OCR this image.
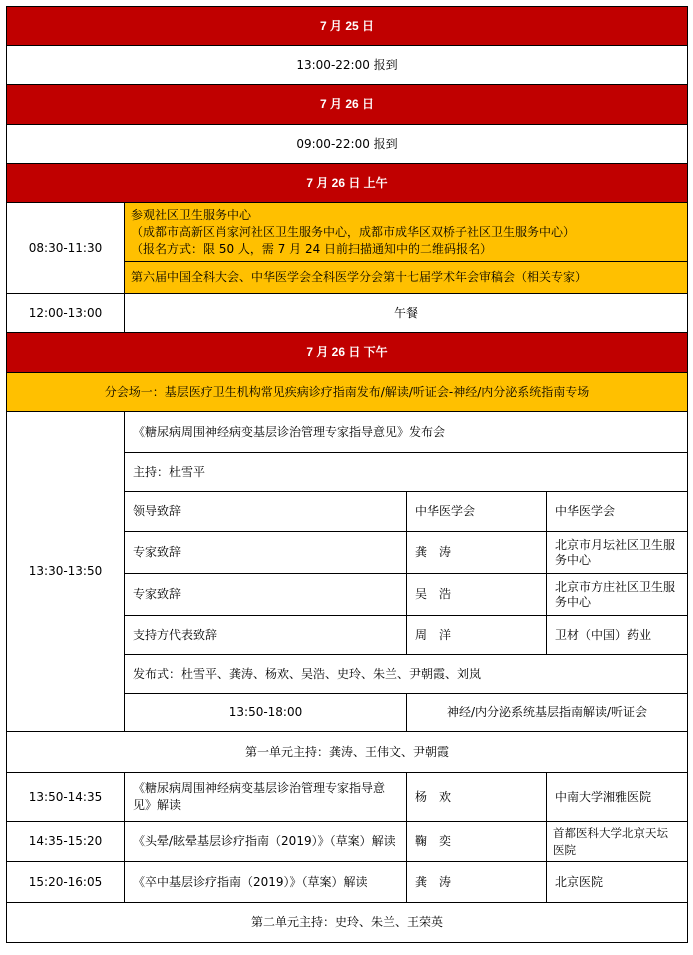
7 月 25 日			
13:00-22:00 报到			
7 月 26 日			
09:00-22:00 报到			
7 月 26 日 上午			
08:30-11:30	参观社区卫生服务中心
（成都市高新区肖家河社区卫生服务中心，成都市成华区双桥子社区卫生服务中心）
（报名方式：限 50 人，需 7 月 24 日前扫描通知中的二维码报名）		

	第六届中国全科大会、中华医学会全科医学分会第十七届学术年会审稿会（相关专家）		
12:00-13:00	午餐		
7 月 26 日 下午			
分会场一：基层医疗卫生机构常见疾病诊疗指南发布/解读/听证会-神经/内分泌系统指南专场			
13:30-13:50	《糖尿病周围神经病变基层诊治管理专家指导意见》发布会		
	主持：杜雪平		
	领导致辞	中华医学会	中华医学会
	专家致辞	龚　涛	北京市月坛社区卫生服务中心
	专家致辞	吴　浩	北京市方庄社区卫生服务中心
	支持方代表致辞	周　洋	卫材（中国）药业
	发布式：杜雪平、龚涛、杨欢、吴浩、史玲、朱兰、尹朝霞、刘岚		
	13:50-18:00	神经/内分泌系统基层指南解读/听证会	
第一单元主持：龚涛、王伟文、尹朝霞			
13:50-14:35	《糖尿病周围神经病变基层诊治管理专家指导意见》解读	杨　欢	中南大学湘雅医院
14:35-15:20	《头晕/眩晕基层诊疗指南（2019）》（草案）解读	鞠　奕	首都医科大学北京天坛医院
15:20-16:05	《卒中基层诊疗指南（2019）》（草案）解读	龚　涛	北京医院
第二单元主持：史玲、朱兰、王荣英			
